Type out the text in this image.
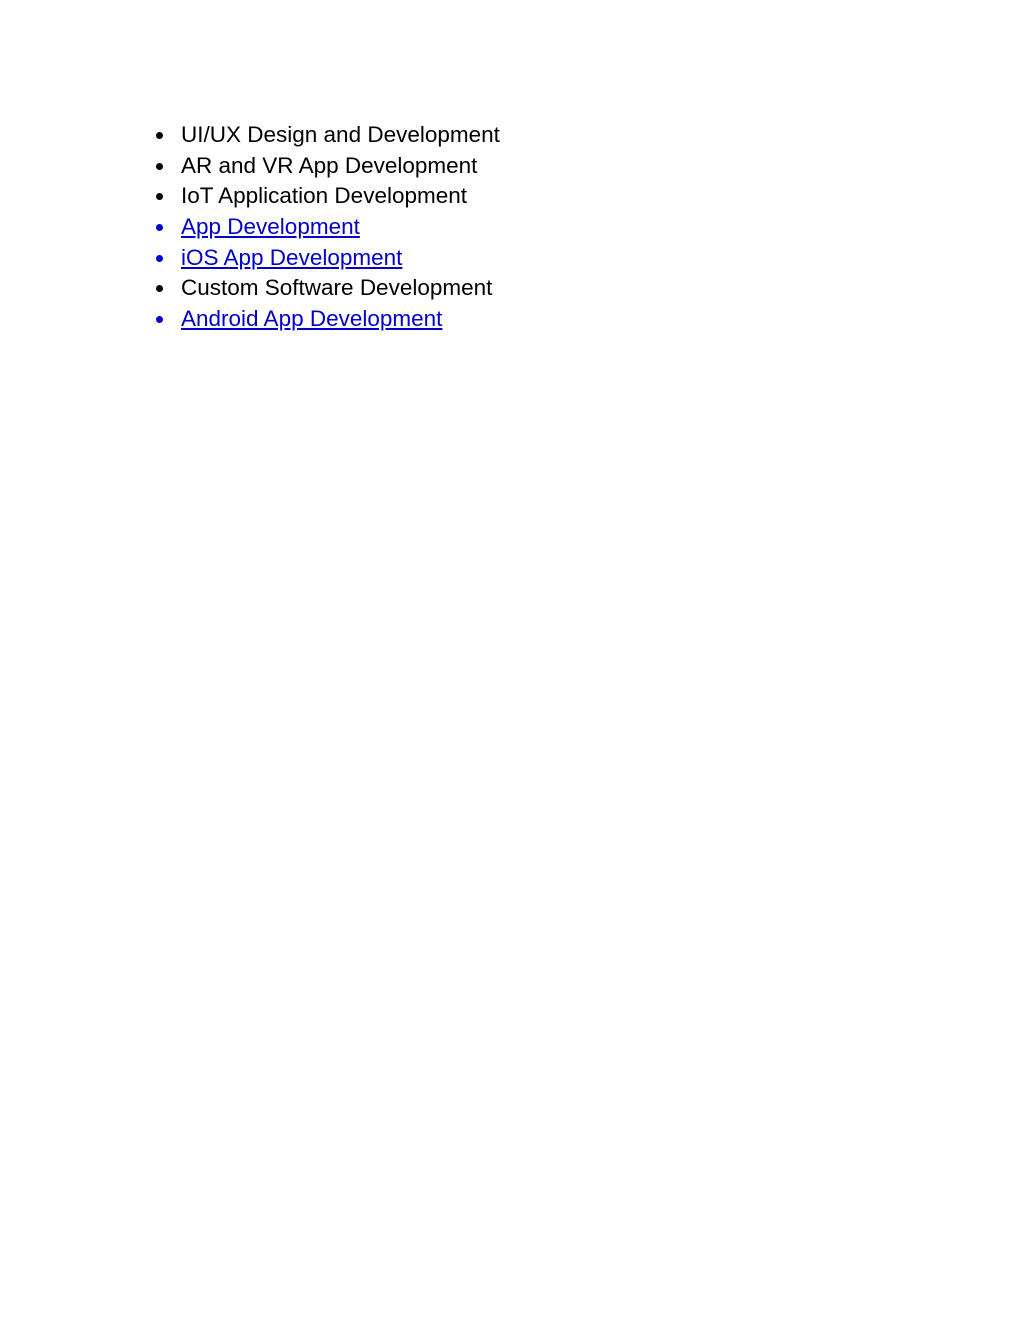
UI/UX Design and Development
AR and VR App Development
IoT Application Development
App Development
iOS App Development
Custom Software Development
Android App Development
